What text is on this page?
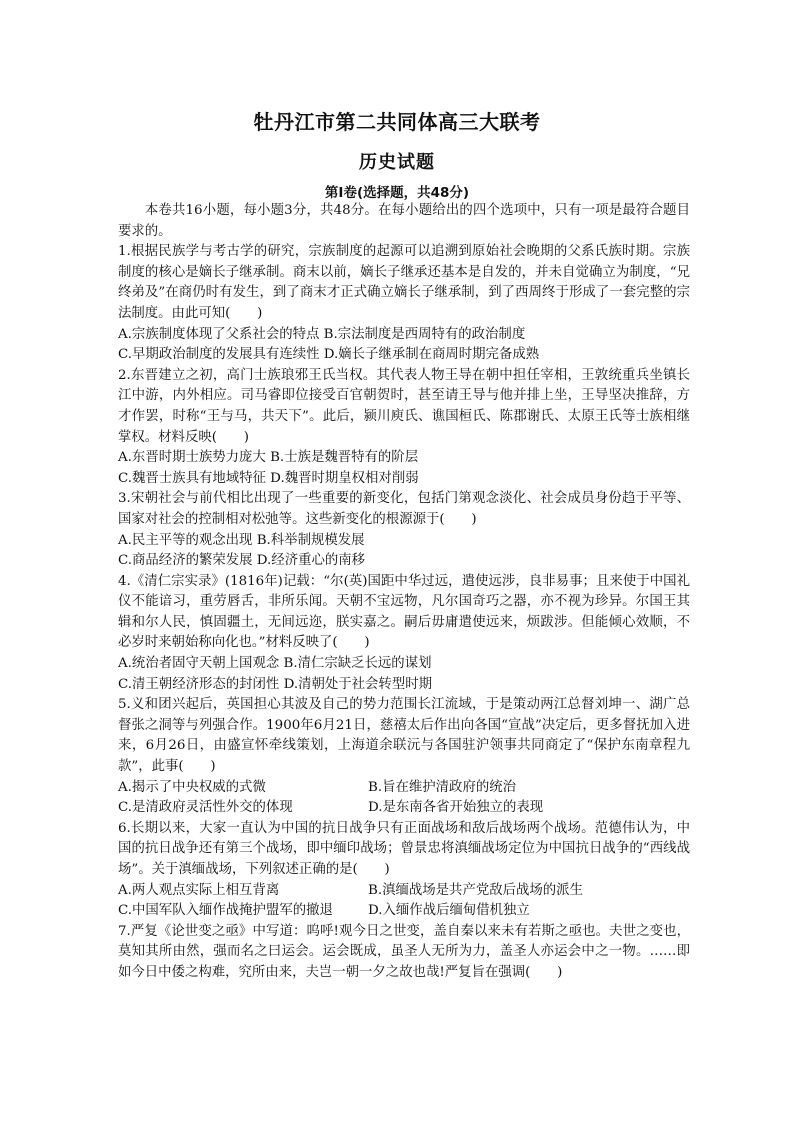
牡丹江市第二共同体高三大联考
历史试题
第Ⅰ卷(选择题，共48分)

本卷共16小题，每小题3分，共48分。在每小题给出的四个选项中，只有一项是最符合题目要求的。

1.根据民族学与考古学的研究，宗族制度的起源可以追溯到原始社会晚期的父系氏族时期。宗族制度的核心是嫡长子继承制。商末以前，嫡长子继承还基本是自发的，并未自觉确立为制度，“兄终弟及”在商仍时有发生，到了商末才正式确立嫡长子继承制，到了西周终于形成了一套完整的宗法制度。由此可知(　　)

A.宗族制度体现了父系社会的特点 B.宗法制度是西周特有的政治制度

C.早期政治制度的发展具有连续性 D.嫡长子继承制在商周时期完备成熟

2.东晋建立之初，高门士族琅邪王氏当权。其代表人物王导在朝中担任宰相，王敦统重兵坐镇长江中游，内外相应。司马睿即位接受百官朝贺时，甚至请王导与他并排上坐，王导坚决推辞，方才作罢，时称“王与马，共天下”。此后，颍川庾氏、谯国桓氏、陈郡谢氏、太原王氏等士族相继掌权。材料反映(　　)

A.东晋时期士族势力庞大 B.士族是魏晋特有的阶层

C.魏晋士族具有地域特征 D.魏晋时期皇权相对削弱

3.宋朝社会与前代相比出现了一些重要的新变化，包括门第观念淡化、社会成员身份趋于平等、国家对社会的控制相对松弛等。这些新变化的根源源于(　　)

A.民主平等的观念出现 B.科举制规模发展

C.商品经济的繁荣发展 D.经济重心的南移

4.《清仁宗实录》(1816年)记载：“尔(英)国距中华过远，遣使远涉，良非易事；且来使于中国礼仪不能谙习，重劳唇舌，非所乐闻。天朝不宝远物，凡尔国奇巧之器，亦不视为珍异。尔国王其辑和尔人民，慎固疆土，无间远迩，朕实嘉之。嗣后毋庸遣使远来，烦跋涉。但能倾心效顺，不必岁时来朝始称向化也。”材料反映了(　　)

A.统治者固守天朝上国观念 B.清仁宗缺乏长远的谋划

C.清王朝经济形态的封闭性 D.清朝处于社会转型时期

5.义和团兴起后，英国担心其波及自己的势力范围长江流域，于是策动两江总督刘坤一、湖广总督张之洞等与列强合作。1900年6月21日，慈禧太后作出向各国“宣战”决定后，更多督抚加入进来，6月26日，由盛宣怀牵线策划，上海道余联沅与各国驻沪领事共同商定了“保护东南章程九款”，此事(　　)

A.揭示了中央权威的式微	B.旨在维护清政府的统治
C.是清政府灵活性外交的体现	D.是东南各省开始独立的表现

6.长期以来，大家一直认为中国的抗日战争只有正面战场和敌后战场两个战场。范德伟认为，中国的抗日战争还有第三个战场，即中缅印战场；曾景忠将滇缅战场定位为中国抗日战争的“西线战场”。关于滇缅战场，下列叙述正确的是(　　)

A.两人观点实际上相互背离	B.滇缅战场是共产党敌后战场的派生
C.中国军队入缅作战掩护盟军的撤退	D.入缅作战后缅甸借机独立

7.严复《论世变之亟》中写道：呜呼!观今日之世变，盖自秦以来未有若斯之亟也。夫世之变也，莫知其所由然，强而名之曰运会。运会既成，虽圣人无所为力，盖圣人亦运会中之一物。……即如今日中倭之构难，究所由来，夫岂一朝一夕之故也哉!严复旨在强调(　　)
